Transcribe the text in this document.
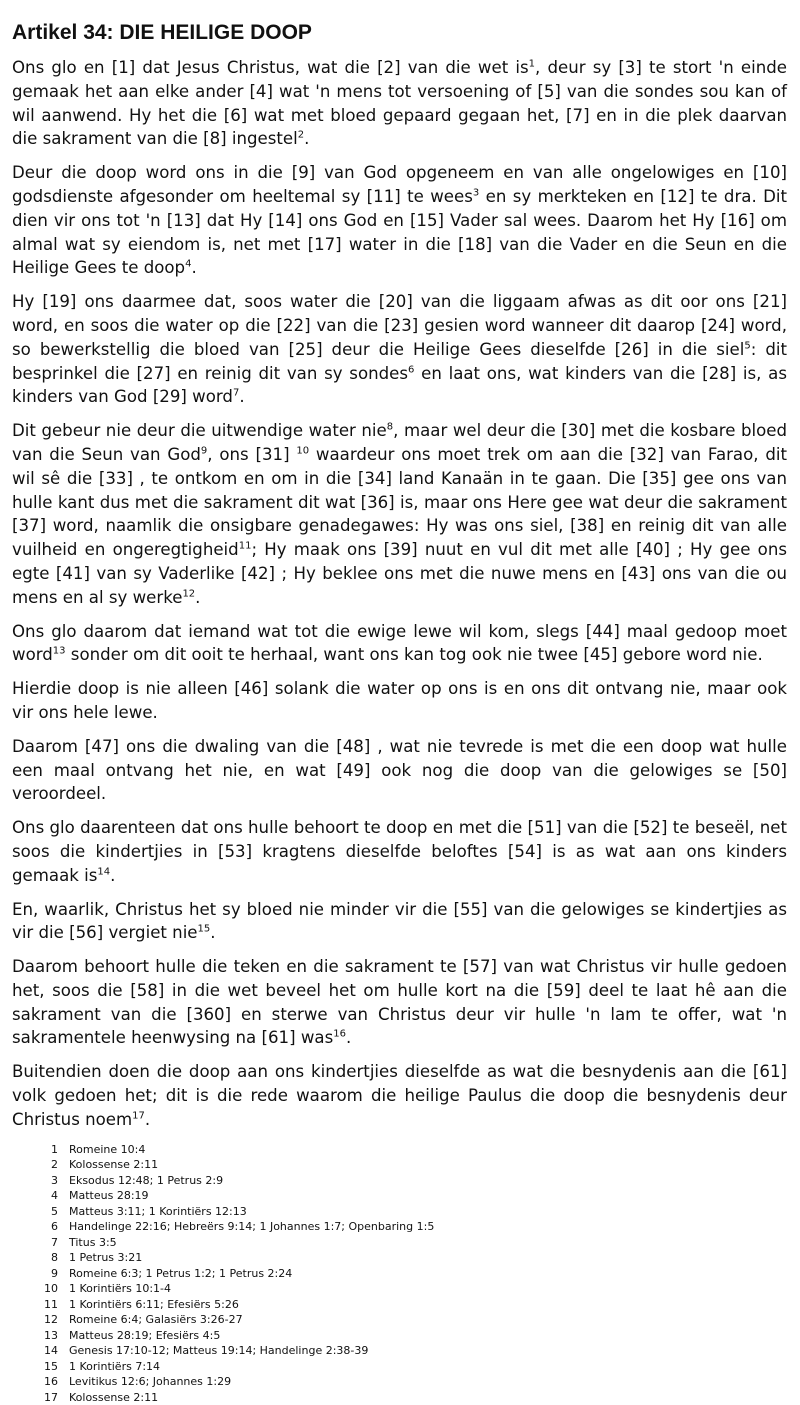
Artikel 34: DIE HEILIGE DOOP

Ons glo en [1] dat Jesus Christus, wat die [2] van die wet $is^1$, deur sy [3] te stort 'n einde gemaak het aan elke ander [4] wat 'n mens tot versoening of [5] van die sondes sou kan of wil aanwend. Hy het die [6] wat met bloed gepaard gegaan het, [7] en in die plek daarvan die sakrament van die [8] ingestel$^2$.

Deur die doop word ons in die [9] van God opgeneem en van alle ongelowiges en [10] godsdienste afgesonder om heeltemal sy [11] te wees$^3$ en sy merkteken en [12] te dra. Dit dien vir ons tot 'n [13] dat Hy [14] ons God en [15] Vader sal wees. Daarom het Hy [16] om almal wat sy eiendom is, net met [17] water in die [18] van die Vader en die Seun en die Heilige Gees te doop$^4$.

Hy [19] ons daarmee dat, soos water die [20] van die liggaam afwas as dit oor ons [21] word, en soos die water op die [22] van die [23] gesien word wanneer dit daarop [24] word, so bewerkstellig die bloed van [25] deur die Heilige Gees dieselfde [26] in die siel$^5$: dit besprinkel die [27] en reinig dit van sy sondes$^6$ en laat ons, wat kinders van die [28] is, as kinders van God [29] word$^7$.

Dit gebeur nie deur die uitwendige water nie$^8$, maar wel deur die [30] met die kosbare bloed van die Seun van God$^9$, ons [31] $^{10}$ waardeur ons moet trek om aan die [32] van Farao, dit wil sê die [33] , te ontkom en om in die [34] land Kanaän in te gaan. Die [35] gee ons van hulle kant dus met die sakrament dit wat [36] is, maar ons Here gee wat deur die sakrament [37] word, naamlik die onsigbare genadegawes: Hy was ons siel, [38] en reinig dit van alle vuilheid en ongeregtigheid$^{11}$; Hy maak ons [39] nuut en vul dit met alle [40] ; Hy gee ons egte [41] van sy Vaderlike [42] ; Hy beklee ons met die nuwe mens en [43] ons van die ou mens en al sy werke$^{12}$.

Ons glo daarom dat iemand wat tot die ewige lewe wil kom, slegs [44] maal gedoop moet word$^{13}$ sonder om dit ooit te herhaal, want ons kan tog ook nie twee [45] gebore word nie.

Hierdie doop is nie alleen [46] solank die water op ons is en ons dit ontvang nie, maar ook vir ons hele lewe.

Daarom [47] ons die dwaling van die [48] , wat nie tevrede is met die een doop wat hulle een maal ontvang het nie, en wat [49] ook nog die doop van die gelowiges se [50] veroordeel.

Ons glo daarenteen dat ons hulle behoort te doop en met die [51] van die [52] te beseël, net soos die kindertjies in [53] kragtens dieselfde beloftes [54] is as wat aan ons kinders gemaak $is^{14}$.

En, waarlik, Christus het sy bloed nie minder vir die [55] van die gelowiges se kindertjies as vir die [56] vergiet nie$^{15}$.

Daarom behoort hulle die teken en die sakrament te [57] van wat Christus vir hulle gedoen het, soos die [58] in die wet beveel het om hulle kort na die [59] deel te laat hê aan die sakrament van die [360] en sterwe van Christus deur vir hulle 'n lam te offer, wat 'n sakramentele heenwysing na [61] was$^{16}$.

Buitendien doen die doop aan ons kindertjies dieselfde as wat die besnydenis aan die [61] volk gedoen het; dit is die rede waarom die heilige Paulus die doop die besnydenis deur Christus noem$^{17}$.

1	Romeine 10:4
2	Kolossense 2:11
3	Eksodus 12:48; 1 Petrus 2:9
4	Matteus 28:19
5	Matteus 3:11; 1 Korintiërs 12:13
6	Handelinge 22:16; Hebreërs 9:14; 1 Johannes 1:7; Openbaring 1:5
7	Titus 3:5
8	1 Petrus 3:21
9	Romeine 6:3; 1 Petrus 1:2; 1 Petrus 2:24
10	1 Korintiërs 10:1-4
11	1 Korintiërs 6:11; Efesiërs 5:26
12	Romeine 6:4; Galasiërs 3:26-27
13	Matteus 28:19; Efesiërs 4:5
14	Genesis 17:10-12; Matteus 19:14; Handelinge 2:38-39
15	1 Korintiërs 7:14
16	Levitikus 12:6; Johannes 1:29
17	Kolossense 2:11
